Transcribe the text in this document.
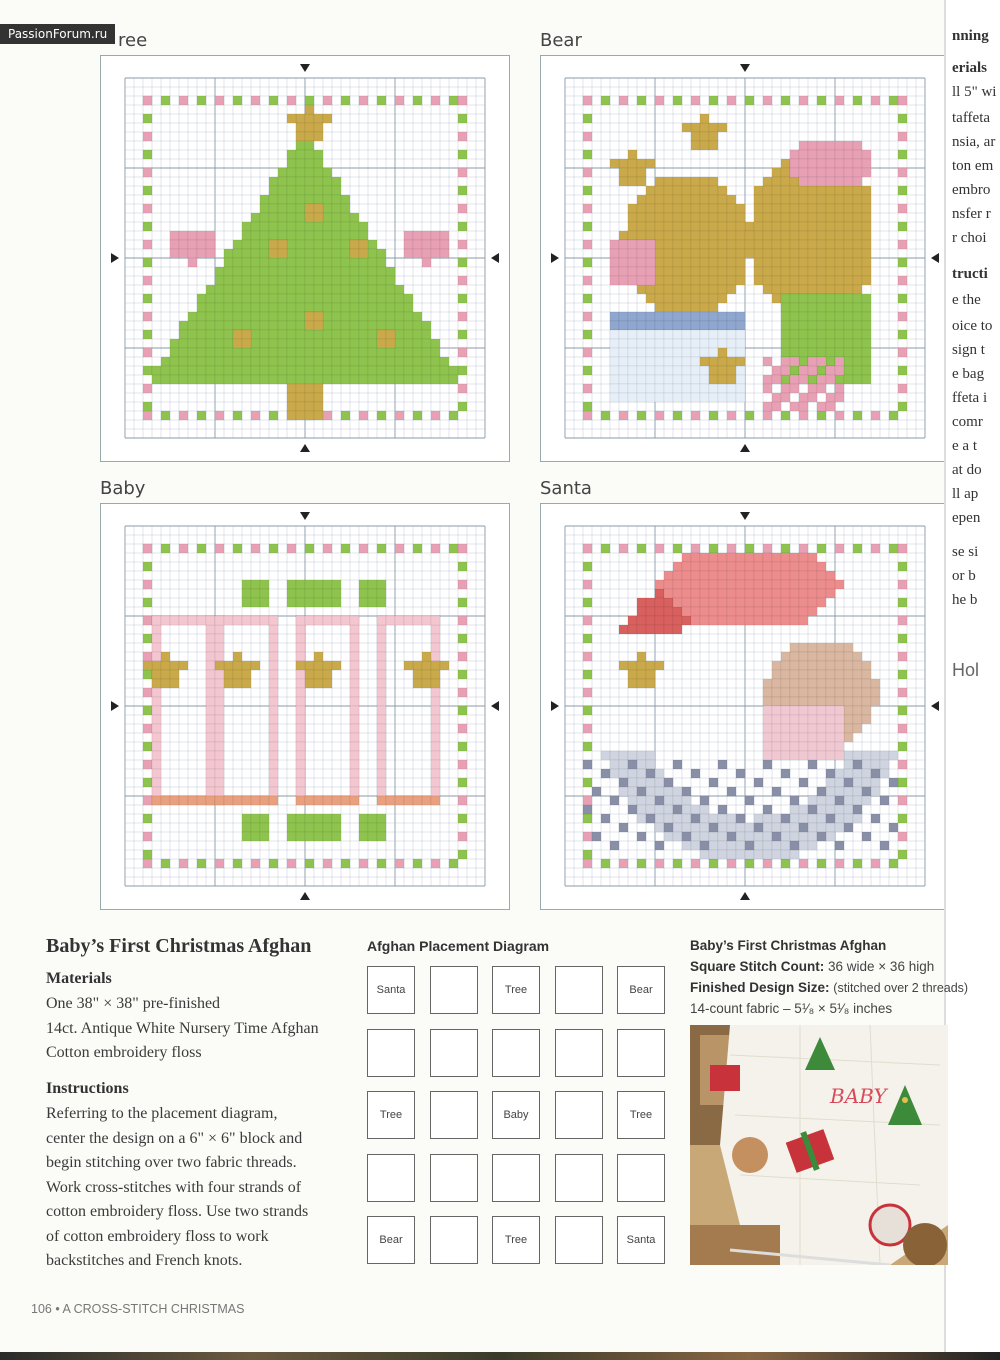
PassionForum.ru ree	Bear
Baby	Santa
nning
erials
ll 5" wi
taffeta
nsia, ar
ton em
embro
nsfer r
r choi
tructi
e the
oice to
sign t
e bag
ffeta i
comr
e a t
at do
ll ap
epen
se si
or b
he b
Hol
Baby’s First Christmas Afghan
Materials
One 38" × 38" pre-finished
14ct. Antique White Nursery Time Afghan
Cotton embroidery floss
Instructions
Referring to the placement diagram,
center the design on a 6" × 6" block and
begin stitching over two fabric threads.
Work cross-stitches with four strands of
cotton embroidery floss. Use two strands
of cotton embroidery floss to work
backstitches and French knots.
Afghan Placement Diagram
Santa	Tree	Bear
Tree	Baby	Tree
Bear	Tree	Santa
Baby’s First Christmas Afghan
Square Stitch Count: 36 wide × 36 high
Finished Design Size: (stitched over 2 threads)
14-count fabric – 5¹⁄₈ × 5¹⁄₈ inches
BABY
106 • A CROSS-STITCH CHRISTMAS
